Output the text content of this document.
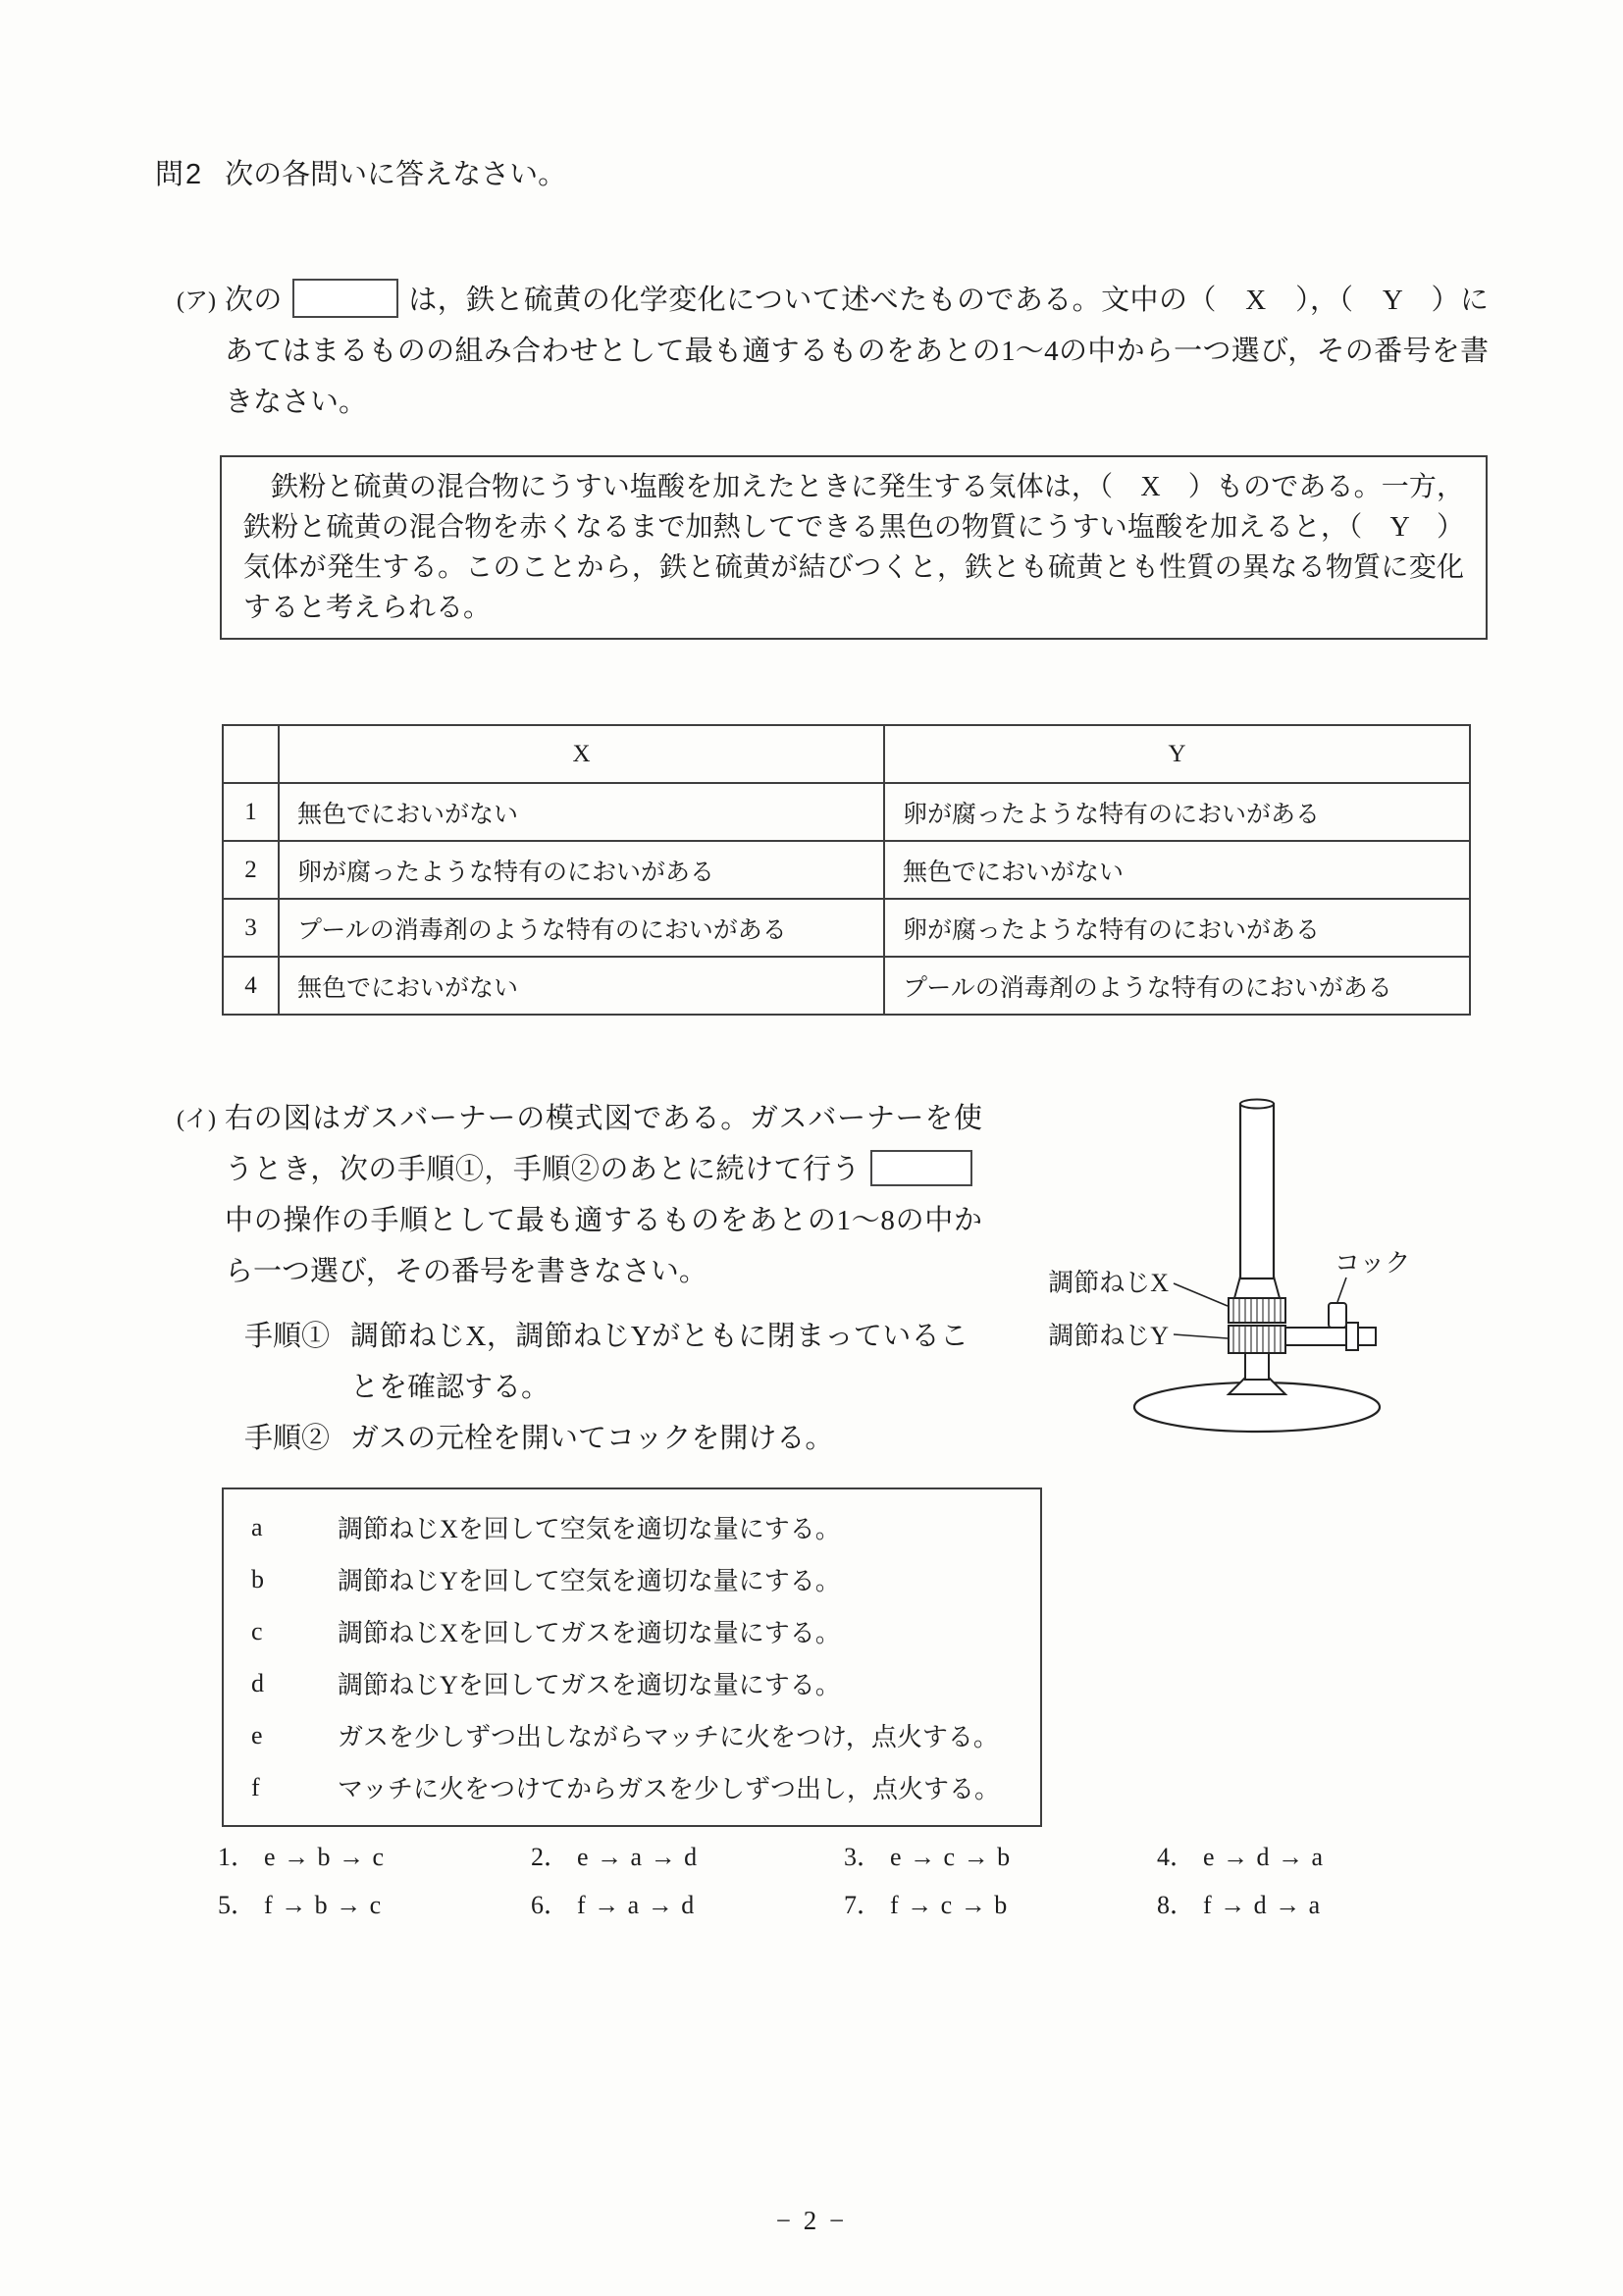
問2 次の各問いに答えなさい。
(ア) 次の	は，鉄と硫黄の化学変化について述べたものである。文中の（　X　），（　Y　）にあてはまるものの組み合わせとして最も適するものをあとの1～4の中から一つ選び，その番号を書きなさい。
　鉄粉と硫黄の混合物にうすい塩酸を加えたときに発生する気体は，（　X　）ものである。一方，鉄粉と硫黄の混合物を赤くなるまで加熱してできる黒色の物質にうすい塩酸を加えると，（　Y　）気体が発生する。このことから，鉄と硫黄が結びつくと，鉄とも硫黄とも性質の異なる物質に変化すると考えられる。
	X	Y
1	無色でにおいがない	卵が腐ったような特有のにおいがある
2	卵が腐ったような特有のにおいがある	無色でにおいがない
3	プールの消毒剤のような特有のにおいがある	卵が腐ったような特有のにおいがある
4	無色でにおいがない	プールの消毒剤のような特有のにおいがある
(イ) 右の図はガスバーナーの模式図である。ガスバーナーを使うとき，次の手順①，手順②のあとに続けて行う中の操作の手順として最も適するものをあとの1～8の中から一つ選び，その番号を書きなさい。
手順① 調節ねじX，調節ねじYがともに閉まっていることを確認する。
手順② ガスの元栓を開いてコックを開ける。
調節ねじX
調節ねじY
コック
a	調節ねじXを回して空気を適切な量にする。
b	調節ねじYを回して空気を適切な量にする。
c	調節ねじXを回してガスを適切な量にする。
d	調節ねじYを回してガスを適切な量にする。
e	ガスを少しずつ出しながらマッチに火をつけ，点火する。
f	マッチに火をつけてからガスを少しずつ出し，点火する。
1． e → b → c	2． e → a → d	3． e → c → b	4． e → d → a
5． f → b → c	6． f → a → d	7． f → c → b	8． f → d → a
− 2 −
